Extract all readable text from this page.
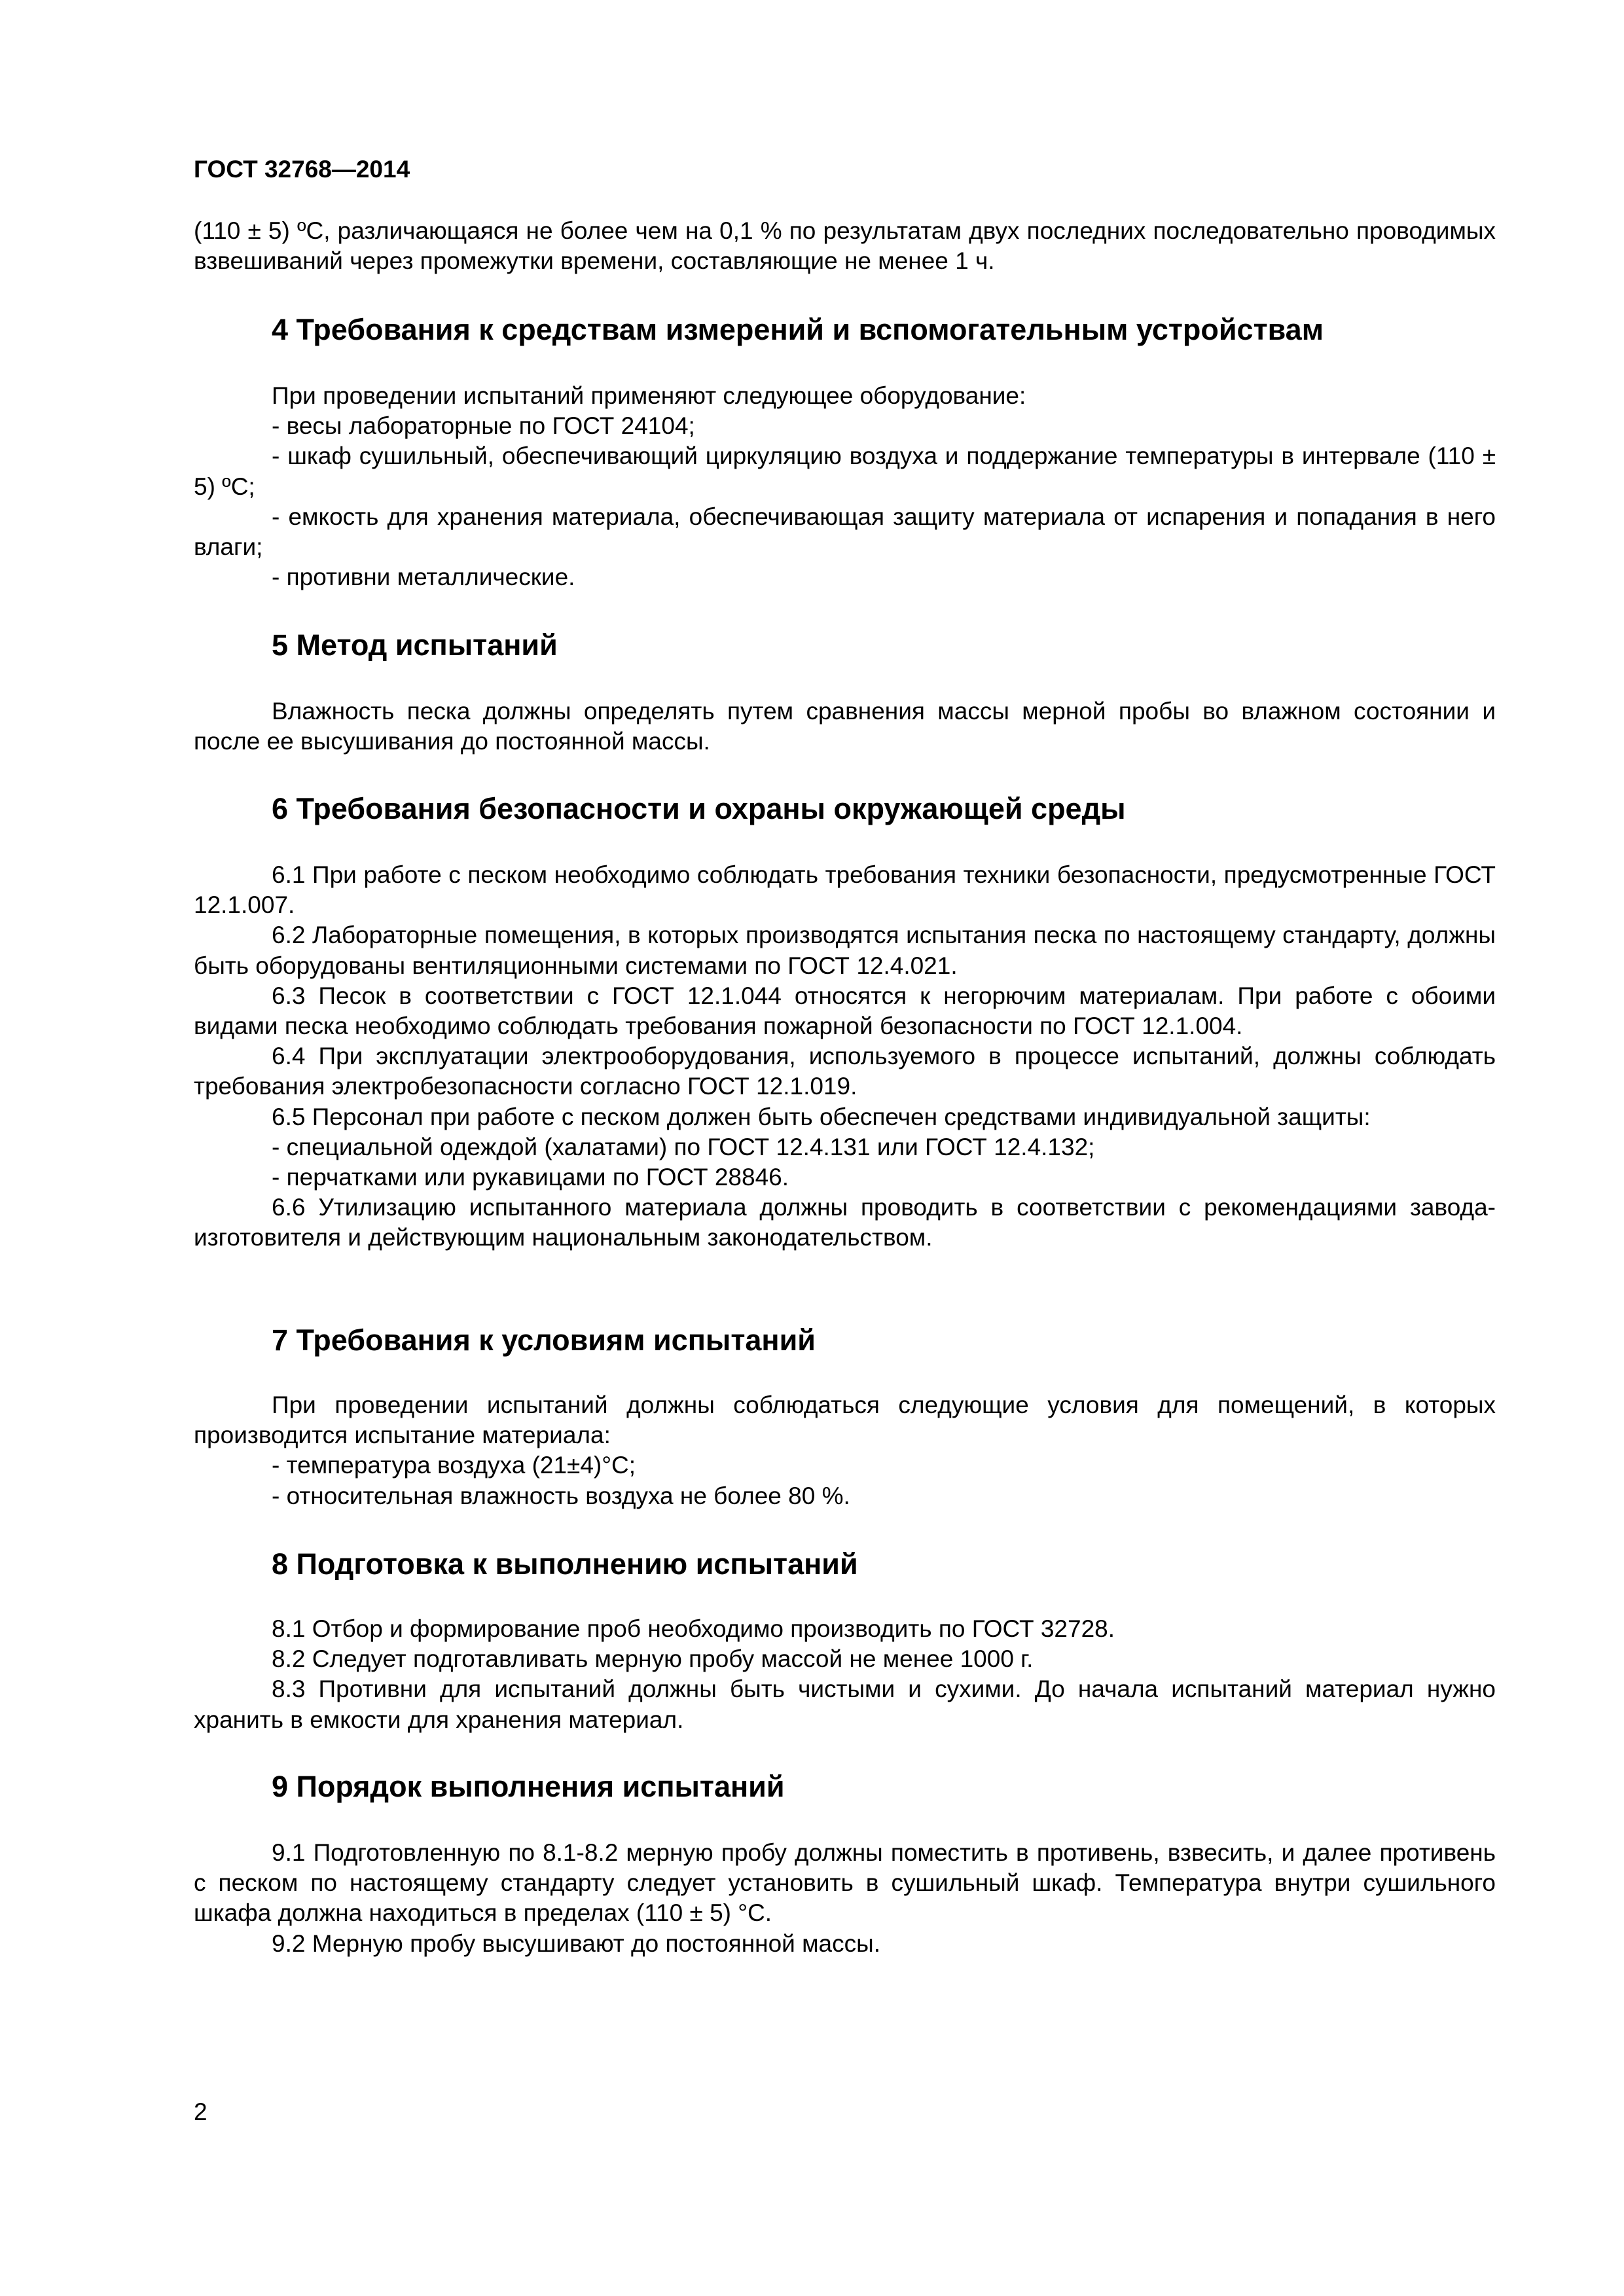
ГОСТ 32768—2014

(110 ± 5) ºС, различающаяся не более чем на 0,1 % по результатам двух последних последовательно проводимых взвешиваний через промежутки времени, составляющие не менее 1 ч.

4 Требования к средствам измерений и вспомогательным устройствам

При проведении испытаний применяют следующее оборудование:

- весы лабораторные по ГОСТ 24104;

- шкаф сушильный, обеспечивающий циркуляцию воздуха и поддержание температуры в интервале (110 ± 5) ºС;

- емкость для хранения материала, обеспечивающая защиту материала от испарения и попадания в него влаги;

- противни металлические.

5 Метод испытаний

Влажность песка должны определять путем сравнения массы мерной пробы во влажном состоянии и после ее высушивания до постоянной массы.

6 Требования безопасности и охраны окружающей среды

6.1 При работе с песком необходимо соблюдать требования техники безопасности, предусмотренные ГОСТ 12.1.007.

6.2 Лабораторные помещения, в которых производятся испытания песка по настоящему стандарту, должны быть оборудованы вентиляционными системами по ГОСТ 12.4.021.

6.3 Песок в соответствии с ГОСТ 12.1.044 относятся к негорючим материалам. При работе с обоими видами песка необходимо соблюдать требования пожарной безопасности по ГОСТ 12.1.004.

6.4 При эксплуатации электрооборудования, используемого в процессе испытаний, должны соблюдать требования электробезопасности согласно ГОСТ 12.1.019.

6.5 Персонал при работе с песком должен быть обеспечен средствами индивидуальной защиты:

- специальной одеждой (халатами) по ГОСТ 12.4.131 или ГОСТ 12.4.132;

- перчатками или рукавицами по ГОСТ 28846.

6.6 Утилизацию испытанного материала должны проводить в соответствии с рекомендациями завода-изготовителя и действующим национальным законодательством.

7 Требования к условиям испытаний

При проведении испытаний должны соблюдаться следующие условия для помещений, в которых производится испытание материала:

- температура воздуха (21±4)°С;

- относительная влажность воздуха не более 80 %.

8 Подготовка к выполнению испытаний

8.1 Отбор и формирование проб необходимо производить по ГОСТ 32728.

8.2 Следует подготавливать мерную пробу массой не менее 1000 г.

8.3 Противни для испытаний должны быть чистыми и сухими. До начала испытаний материал нужно хранить в емкости для хранения материал.

9 Порядок выполнения испытаний

9.1 Подготовленную по 8.1-8.2 мерную пробу должны поместить в противень, взвесить, и далее противень с песком по настоящему стандарту следует установить в сушильный шкаф. Температура внутри сушильного шкафа должна находиться в пределах (110 ± 5) °С.

9.2 Мерную пробу высушивают до постоянной массы.

2
